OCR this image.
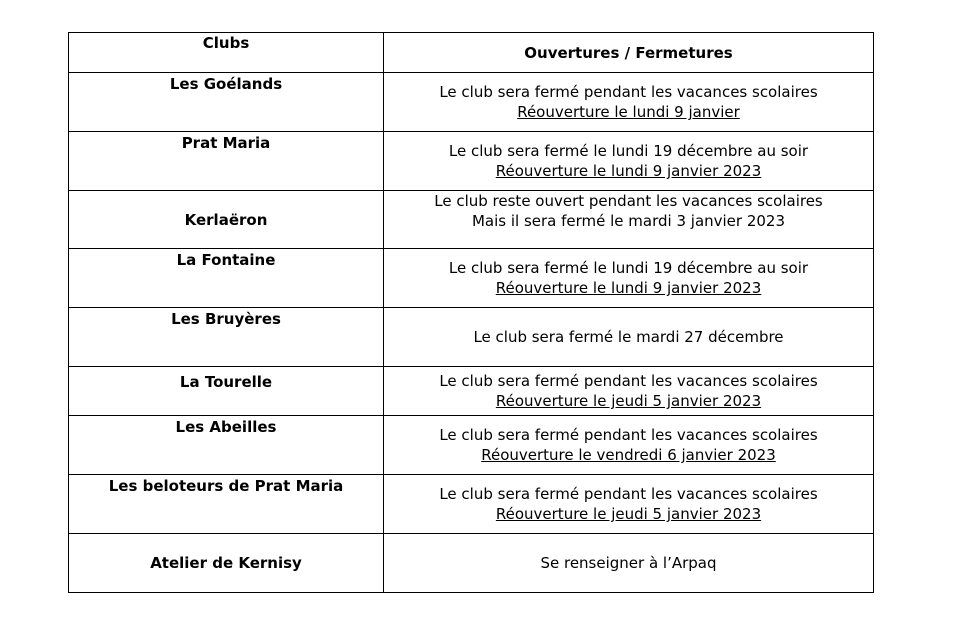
Clubs	Ouvertures / Fermetures
Les Goélands	Le club sera fermé pendant les vacances scolaires
Réouverture le lundi 9 janvier

Prat Maria	Le club sera fermé le lundi 19 décembre au soir
Réouverture le lundi 9 janvier 2023

Kerlaëron	Le club reste ouvert pendant les vacances scolaires
Mais il sera fermé le mardi 3 janvier 2023

La Fontaine	Le club sera fermé le lundi 19 décembre au soir
Réouverture le lundi 9 janvier 2023

Les Bruyères	Le club sera fermé le mardi 27 décembre

La Tourelle	Le club sera fermé pendant les vacances scolaires
Réouverture le jeudi 5 janvier 2023

Les Abeilles	Le club sera fermé pendant les vacances scolaires
Réouverture le vendredi 6 janvier 2023

Les beloteurs de Prat Maria	Le club sera fermé pendant les vacances scolaires
Réouverture le jeudi 5 janvier 2023

Atelier de Kernisy	Se renseigner à l’Arpaq
